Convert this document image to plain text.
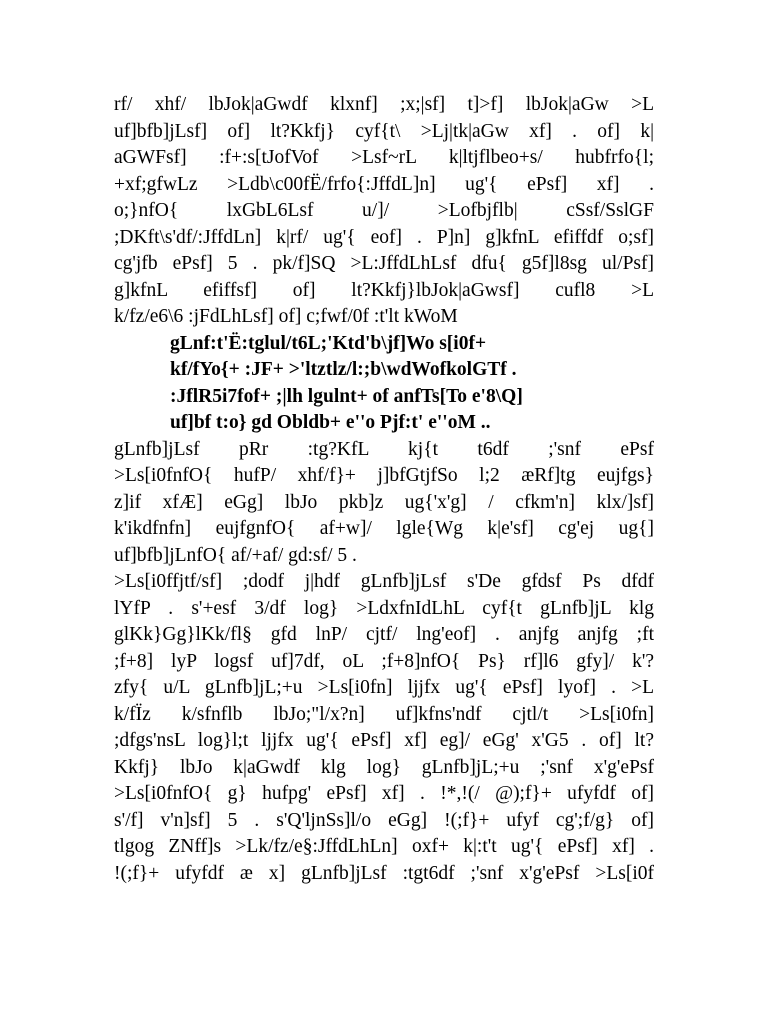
rf/ xhf/ lbJok|aGwdf klxnf] ;x;|sf] t]>f] lbJok|aGw >L
uf]bfb]jLsf] of] lt?Kkfj} cyf{t\ >Lj|tk|aGw xf] . of] k|
aGWFsf] :f+:s[tJofVof >Lsf~rL k|ltjflbeo+s/ hubfrfo{l;
+xf;gfwLz >Ldb\c00fË/frfo{:JffdL]n] ug'{ ePsf] xf] .
o;}nfO{ lxGbL6Lsf u/]/ >Lofbjflb| cSsf/SslGF
;DKft\s'df/:JffdLn] k|rf/ ug'{ eof] . P]n] g]kfnL efiffdf o;sf]
cg'jfb ePsf] 5 . pk/f]SQ >L:JffdLhLsf dfu{ g5f]l8sg ul/Psf]
g]kfnL efiffsf] of] lt?Kkfj}lbJok|aGwsf] cufl8 >L
k/fz/e6\6 :jFdLhLsf] of] c;fwf/0f :t'lt kWoM
gLnf:t'Ë:tglul/t6L;'Ktd'b\jf]Wo s[i0f+
kf/fYo{+ :JF+ >'ltztlz/l:;b\wdWofkolGTf .
:JflR5i7fof+ ;|lh lgulnt+ of anfTs[To e'8\Q]
uf]bf t:o} gd Obldb+ e''o Pjf:t' e''oM ..
gLnfb]jLsf pRr :tg?KfL kj{t t6df ;'snf ePsf
>Ls[i0fnfO{ hufP/ xhf/f}+ j]bfGtjfSo l;2 æRf]tg eujfgs}
z]if xfÆ] eGg] lbJo pkb]z ug{'x'g] / cfkm'n] klx/]sf]
k'ikdfnfn] eujfgnfO{ af+w]/ lgle{Wg k|e'sf] cg'ej ug{]
uf]bfb]jLnfO{ af/+af/ gd:sf/ 5 .
>Ls[i0ffjtf/sf] ;dodf j|hdf gLnfb]jLsf s'De gfdsf Ps dfdf
lYfP . s'+esf 3/df log} >LdxfnIdLhL cyf{t gLnfb]jL klg
glKk}Gg}lKk/fl§ gfd lnP/ cjtf/ lng'eof] . anjfg anjfg ;ft
;f+8] lyP logsf uf]7df, oL ;f+8]nfO{ Ps} rf]l6 gfy]/ k'?
zfy{ u/L gLnfb]jL;+u >Ls[i0fn] ljjfx ug'{ ePsf] lyof] . >L
k/fÏz k/sfnflb lbJo;"l/x?n] uf]kfns'ndf cjtl/t >Ls[i0fn]
;dfgs'nsL log}l;t ljjfx ug'{ ePsf] xf] eg]/ eGg' x'G5 . of] lt?
Kkfj} lbJo k|aGwdf klg log} gLnfb]jL;+u ;'snf x'g'ePsf
>Ls[i0fnfO{ g} hufpg' ePsf] xf] . !*,!(/ @);f}+ ufyfdf of]
s'/f] v'n]sf] 5 . s'Q'ljnSs]l/o eGg] !(;f}+ ufyf cg';f/g} of]
tlgog ZNff]s >Lk/fz/e§:JffdLhLn] oxf+ k|:t't ug'{ ePsf] xf] .
!(;f}+ ufyfdf æ x] gLnfb]jLsf :tgt6df ;'snf x'g'ePsf >Ls[i0f
